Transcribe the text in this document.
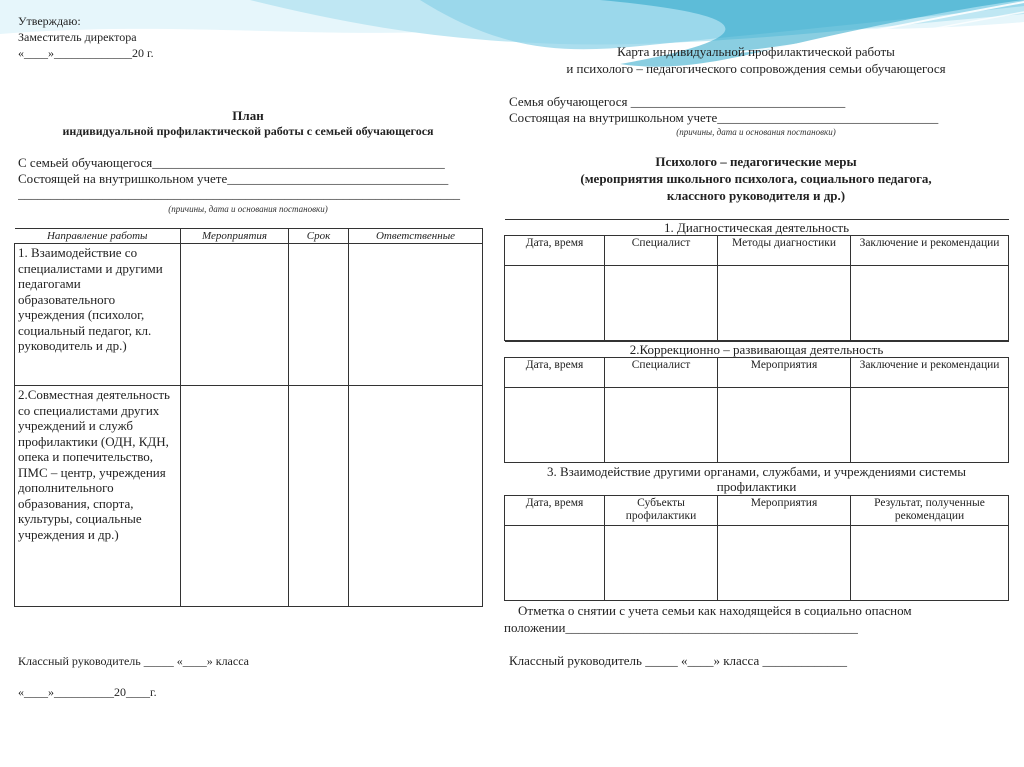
Утверждаю:
Заместитель директора
«____»_____________20 г.
План
индивидуальной профилактической работы с семьей обучающегося
С семьей обучающегося_____________________________________________
Состоящей на внутришкольном учете__________________________________
____________________________________________________________________
(причины, дата и основания постановки)
Направление работы	Мероприятия	Срок	Ответственные
1. Взаимодействие со специалистами и другими педагогами образовательного учреждения (психолог, социальный педагог, кл. руководитель и др.)			
2.Совместная деятельность со специалистами других учреждений и служб профилактики (ОДН, КДН, опека и попечительство, ПМС – центр, учреждения дополнительного образования, спорта, культуры, социальные учреждения и др.)			
Классный руководитель _____ «____» класса
«____»__________20____г.
Карта индивидуальной профилактической работы
и психолого – педагогического сопровождения семьи обучающегося
Семья обучающегося _________________________________
Состоящая на внутришкольном учете__________________________________
(причины, дата и основания постановки)
Психолого – педагогические меры
(мероприятия школьного психолога, социального педагога,
классного руководителя и др.)
1. Диагностическая деятельность			
Дата, время	Специалист	Методы диагностики	Заключение и рекомендации

2.Коррекционно – развивающая деятельность			
Дата, время	Специалист	Мероприятия	Заключение и рекомендации

3. Взаимодействие другими органами, службами, и учреждениями системы профилактики			
Дата, время	Субъекты профилактики	Мероприятия	Результат, полученные рекомендации

Отметка о снятии с учета семьи как находящейся в социально опасном
положении_____________________________________________
Классный руководитель _____ «____» класса _____________
